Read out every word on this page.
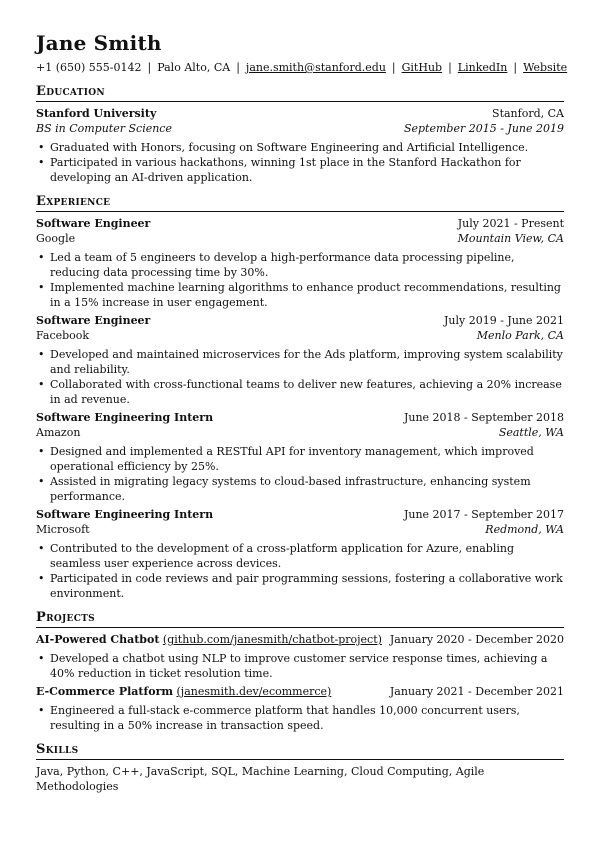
Jane Smith
+1 (650) 555-0142 | Palo Alto, CA | jane.smith@stanford.edu | GitHub | LinkedIn | Website
Education
Stanford University	Stanford, CA
BS in Computer Science	September 2015 - June 2019
• Graduated with Honors, focusing on Software Engineering and Artificial Intelligence.
• Participated in various hackathons, winning 1st place in the Stanford Hackathon for developing an AI-driven application.
Experience
Software Engineer	July 2021 - Present
Google	Mountain View, CA
• Led a team of 5 engineers to develop a high-performance data processing pipeline, reducing data processing time by 30%.
• Implemented machine learning algorithms to enhance product recommendations, resulting in a 15% increase in user engagement.
Software Engineer	July 2019 - June 2021
Facebook	Menlo Park, CA
• Developed and maintained microservices for the Ads platform, improving system scalability and reliability.
• Collaborated with cross-functional teams to deliver new features, achieving a 20% increase in ad revenue.
Software Engineering Intern	June 2018 - September 2018
Amazon	Seattle, WA
• Designed and implemented a RESTful API for inventory management, which improved operational efficiency by 25%.
• Assisted in migrating legacy systems to cloud-based infrastructure, enhancing system performance.
Software Engineering Intern	June 2017 - September 2017
Microsoft	Redmond, WA
• Contributed to the development of a cross-platform application for Azure, enabling seamless user experience across devices.
• Participated in code reviews and pair programming sessions, fostering a collaborative work environment.
Projects
AI-Powered Chatbot (github.com/janesmith/chatbot-project) January 2020 - December 2020
• Developed a chatbot using NLP to improve customer service response times, achieving a 40% reduction in ticket resolution time.
E-Commerce Platform (janesmith.dev/ecommerce)	January 2021 - December 2021
• Engineered a full-stack e-commerce platform that handles 10,000 concurrent users, resulting in a 50% increase in transaction speed.
Skills
Java, Python, C++, JavaScript, SQL, Machine Learning, Cloud Computing, Agile Methodologies
